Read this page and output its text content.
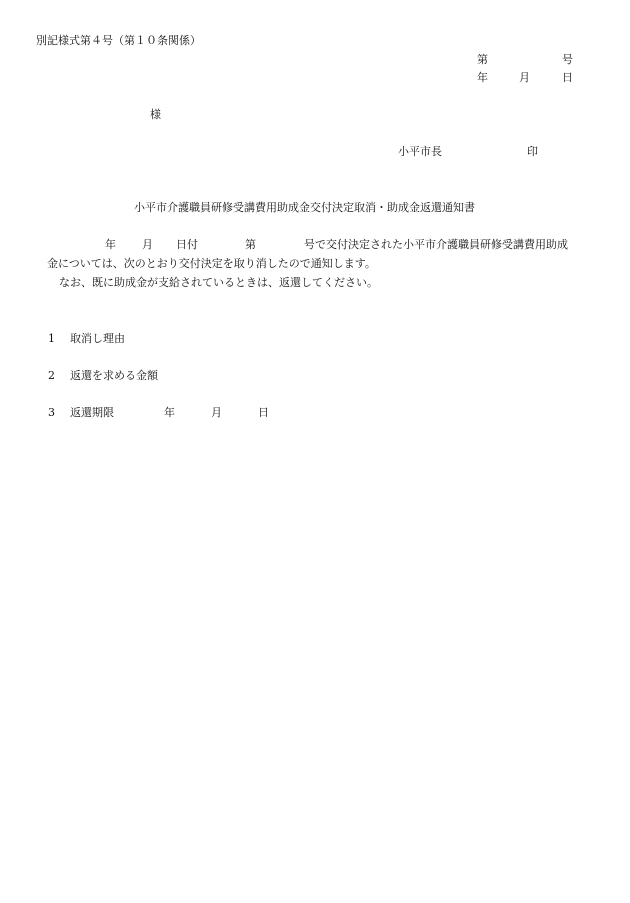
別記様式第４号（第１０条関係）
第	号
年	月	日
様
小平市長	印
小平市介護職員研修受講費用助成金交付決定取消・助成金返還通知書
年 月 日付	第	号で交付決定された小平市介護職員研修受講費用助成
金については、次のとおり交付決定を取り消したので通知します。
なお、既に助成金が支給されているときは、返還してください。
1 取消し理由
2 返還を求める金額
3 返還期限	年	月	日
